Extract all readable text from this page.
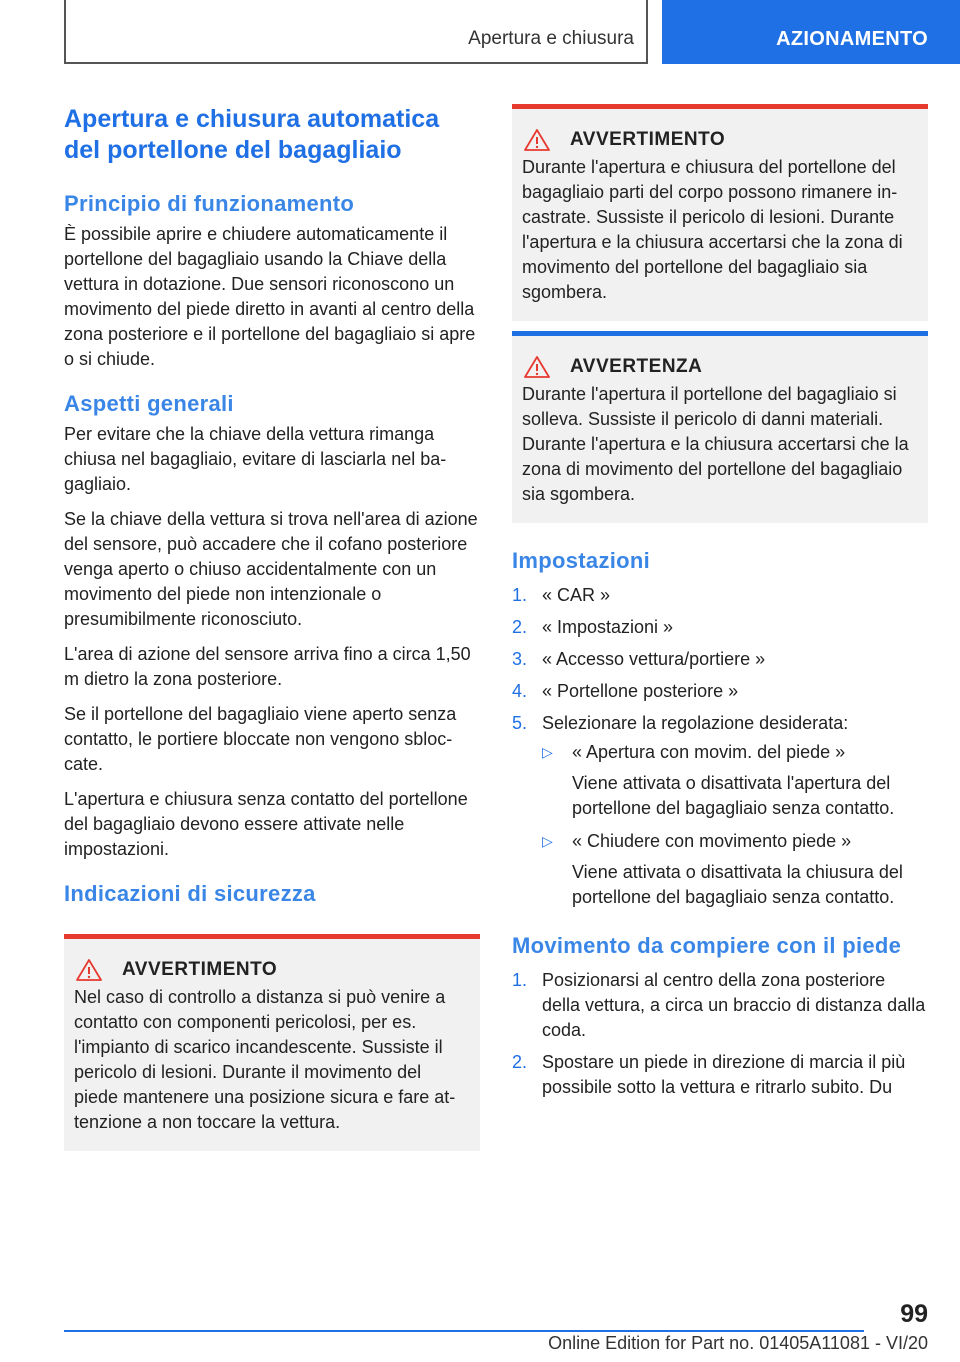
Apertura e chiusura	AZIONAMENTO
Apertura e chiusura automatica del portellone del bagagliaio
Principio di funzionamento

È possibile aprire e chiudere automaticamente il portellone del bagagliaio usando la Chiave della vettura in dotazione. Due sensori riconoscono un movimento del piede diretto in avanti al centro della zona posteriore e il portellone del bagagliaio si apre o si chiude.

Aspetti generali

Per evitare che la chiave della vettura rimanga chiusa nel bagagliaio, evitare di lasciarla nel bagagliaio.

Se la chiave della vettura si trova nell'area di azione del sensore, può accadere che il cofano posteriore venga aperto o chiuso accidentalmente con un movimento del piede non intenzionale o presumibilmente riconosciuto.

L'area di azione del sensore arriva fino a circa 1,50 m dietro la zona posteriore.

Se il portellone del bagagliaio viene aperto senza contatto, le portiere bloccate non vengono sbloccate.

L'apertura e chiusura senza contatto del portellone del bagagliaio devono essere attivate nelle impostazioni.

Indicazioni di sicurezza
AVVERTIMENTO

Nel caso di controllo a distanza si può venire a contatto con componenti pericolosi, per es. l'impianto di scarico incandescente. Sussiste il pericolo di lesioni. Durante il movimento del piede mantenere una posizione sicura e fare attenzione a non toccare la vettura.

AVVERTIMENTO

Durante l'apertura e chiusura del portellone del bagagliaio parti del corpo possono rimanere incastrate. Sussiste il pericolo di lesioni. Durante l'apertura e la chiusura accertarsi che la zona di movimento del portellone del bagagliaio sia sgombera.

AVVERTENZA

Durante l'apertura il portellone del bagagliaio si solleva. Sussiste il pericolo di danni materiali. Durante l'apertura e la chiusura accertarsi che la zona di movimento del portellone del bagagliaio sia sgombera.

Impostazioni
1. « CAR »
2. « Impostazioni »
3. « Accesso vettura/portiere »
4. « Portellone posteriore »
5. Selezionare la regolazione desiderata:
▷	« Apertura con movim. del piede »
Viene attivata o disattivata l'apertura del portellone del bagagliaio senza contatto.
▷	« Chiudere con movimento piede »
Viene attivata o disattivata la chiusura del portellone del bagagliaio senza contatto.
Movimento da compiere con il piede
1. Posizionarsi al centro della zona posteriore della vettura, a circa un braccio di distanza dalla coda.
2. Spostare un piede in direzione di marcia il più possibile sotto la vettura e ritrarlo subito. Du
99
Online Edition for Part no. 01405A11081 - VI/20
